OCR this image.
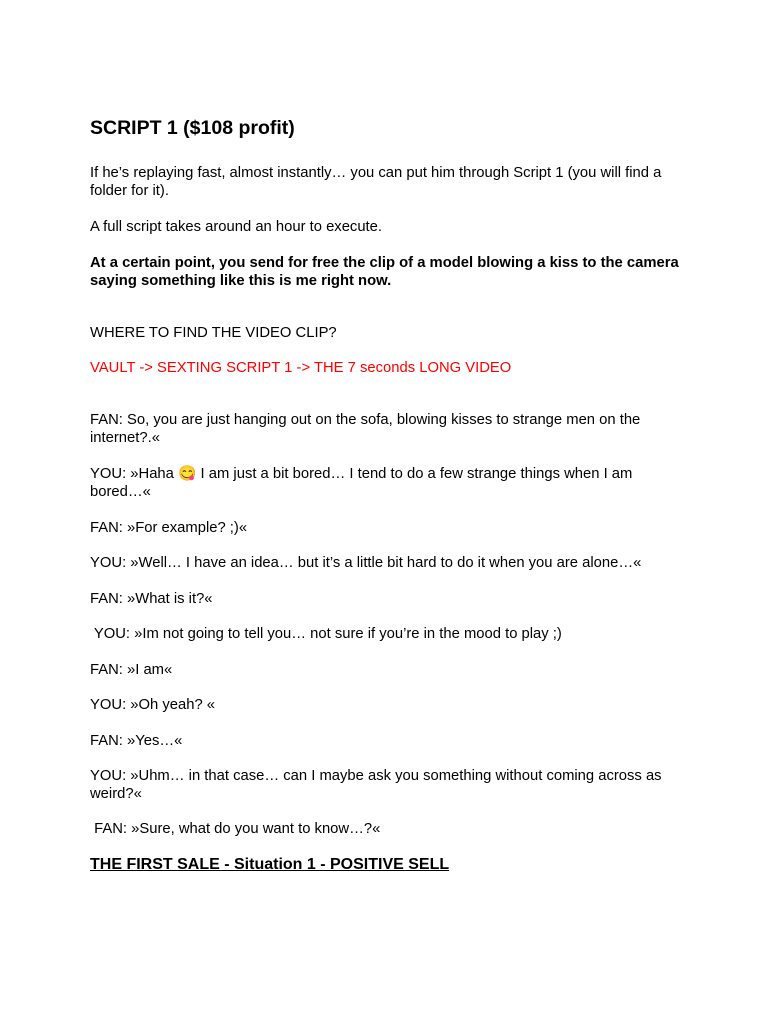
SCRIPT 1 ($108 profit)

If he’s replaying fast, almost instantly… you can put him through Script 1 (you will find a folder for it).

A full script takes around an hour to execute.

At a certain point, you send for free the clip of a model blowing a kiss to the camera saying something like this is me right now.

WHERE TO FIND THE VIDEO CLIP?

VAULT -> SEXTING SCRIPT 1 -> THE 7 seconds LONG VIDEO

FAN: So, you are just hanging out on the sofa, blowing kisses to strange men on the internet?.«

YOU: »Haha 😋 I am just a bit bored… I tend to do a few strange things when I am bored…«

FAN: »For example? ;)«

YOU: »Well… I have an idea… but it’s a little bit hard to do it when you are alone…«

FAN: »What is it?«

YOU: »Im not going to tell you… not sure if you’re in the mood to play ;)

FAN: »I am«

YOU: »Oh yeah? «

FAN: »Yes…«

YOU: »Uhm… in that case… can I maybe ask you something without coming across as weird?«

FAN: »Sure, what do you want to know…?«

THE FIRST SALE - Situation 1 - POSITIVE SELL
